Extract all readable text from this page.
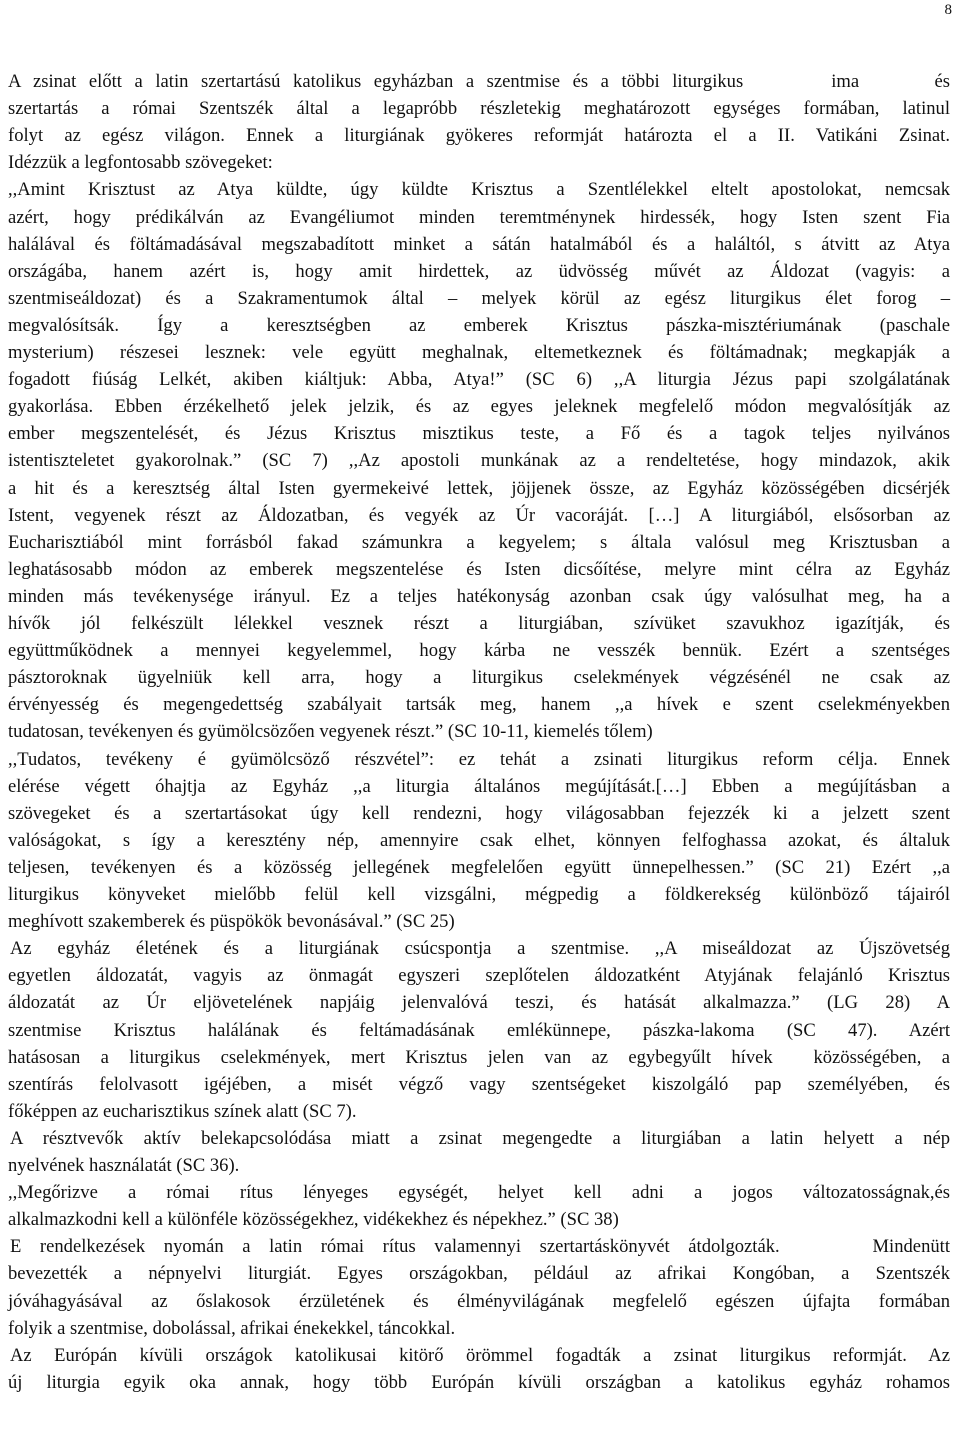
8
A zsinat előtt a latin szertartású katolikus egyházban a szentmise és a többi liturgikus       ima      és
szertartás a római Szentszék által a legapróbb részletekig meghatározott egységes formában, latinul
folyt az egész világon. Ennek a liturgiának gyökeres reformját határozta el a II. Vatikáni Zsinat.
Idézzük a legfontosabb szövegeket:
,,Amint Krisztust az Atya küldte, úgy küldte Krisztus a Szentlélekkel eltelt apostolokat, nemcsak
azért, hogy prédikálván az Evangéliumot minden teremtménynek hirdessék, hogy Isten szent Fia
halálával és föltámadásával megszabadított minket a sátán hatalmából és a haláltól, s átvitt az Atya
országába, hanem azért is, hogy amit hirdettek, az üdvösség művét az Áldozat (vagyis: a
szentmiseáldozat) és a Szakramentumok által – melyek körül az egész liturgikus élet forog –
megvalósítsák. Így a keresztségben az emberek Krisztus pászka-misztériumának (paschale
mysterium) részesei lesznek: vele együtt meghalnak, eltemetkeznek és föltámadnak; megkapják a
fogadott fiúság Lelkét, akiben kiáltjuk: Abba, Atya!” (SC 6) ,,A liturgia Jézus papi szolgálatának
gyakorlása. Ebben érzékelhető jelek jelzik, és az egyes jeleknek megfelelő módon megvalósítják az
ember megszentelését, és Jézus Krisztus misztikus teste, a Fő és a tagok teljes nyilvános
istentiszteletet gyakorolnak.” (SC 7) ,,Az apostoli munkának az a rendeltetése, hogy mindazok, akik
a hit és a keresztség által Isten gyermekeivé lettek, jöjjenek össze, az Egyház közösségében dicsérjék
Istent, vegyenek részt az Áldozatban, és vegyék az Úr vacoráját. […] A liturgiából, elsősorban az
Eucharisztiából mint forrásból fakad számunkra a kegyelem; s általa valósul meg Krisztusban a
leghatásosabb módon az emberek megszentelése és Isten dicsőítése, melyre mint célra az Egyház
minden más tevékenysége irányul. Ez a teljes hatékonyság azonban csak úgy valósulhat meg, ha a
hívők jól felkészült lélekkel vesznek részt a liturgiában, szívüket szavukhoz igazítják, és
együttműködnek a mennyei kegyelemmel, hogy kárba ne vesszék bennük. Ezért a szentséges
pásztoroknak ügyelniük kell arra, hogy a liturgikus cselekmények végzésénél ne csak az
érvényesség és megengedettség szabályait tartsák meg, hanem ,,a hívek e szent cselekményekben
tudatosan, tevékenyen és gyümölcsözően vegyenek részt.” (SC 10-11, kiemelés tőlem)
,,Tudatos, tevékeny é gyümölcsöző részvétel”: ez tehát a zsinati liturgikus reform célja. Ennek
elérése végett óhajtja az Egyház ,,a liturgia általános megújítását.[…] Ebben a megújításban a
szövegeket és a szertartásokat úgy kell rendezni, hogy világosabban fejezzék ki a jelzett szent
valóságokat, s így a keresztény nép, amennyire csak elhet, könnyen felfoghassa azokat, és általuk
teljesen, tevékenyen és a közösség jellegének megfelelően együtt ünnepelhessen.” (SC 21) Ezért ,,a
liturgikus könyveket mielőbb felül kell vizsgálni, mégpedig a földkerekség különböző tájairól
meghívott szakemberek és püspökök bevonásával.” (SC 25)
Az egyház életének és a liturgiának csúcspontja a szentmise. ,,A miseáldozat az Újszövetség
egyetlen áldozatát, vagyis az önmagát egyszeri szeplőtelen áldozatként Atyjának felajánló Krisztus
áldozatát az Úr eljövetelének napjáig jelenvalóvá teszi, és hatását alkalmazza.” (LG 28) A
szentmise Krisztus halálának és feltámadásának emlékünnepe, pászka-lakoma (SC 47). Azért
hatásosan a liturgikus cselekmények, mert Krisztus jelen van az egybegyűlt hívek  közösségében, a
szentírás felolvasott igéjében, a misét végző vagy szentségeket kiszolgáló pap személyében, és
főképpen az eucharisztikus színek alatt (SC 7).
A résztvevők aktív belekapcsolódása miatt a zsinat megengedte a liturgiában a latin helyett a nép
nyelvének használatát (SC 36).
,,Megőrizve a római rítus lényeges egységét, helyet kell adni a jogos változatosságnak,és
alkalmazkodni kell a különféle közösségekhez, vidékekhez és népekhez.” (SC 38)
E rendelkezések nyomán a latin római rítus valamennyi szertartáskönyvét átdolgozták.     Mindenütt
bevezették a népnyelvi liturgiát. Egyes országokban, például az afrikai Kongóban, a Szentszék
jóváhagyásával az őslakosok érzületének és élményvilágának megfelelő egészen újfajta formában
folyik a szentmise, dobolással, afrikai énekekkel, táncokkal.
Az Európán kívüli országok katolikusai kitörő örömmel fogadták a zsinat liturgikus reformját. Az
új liturgia egyik oka annak, hogy több Európán kívüli országban a katolikus egyház rohamos
